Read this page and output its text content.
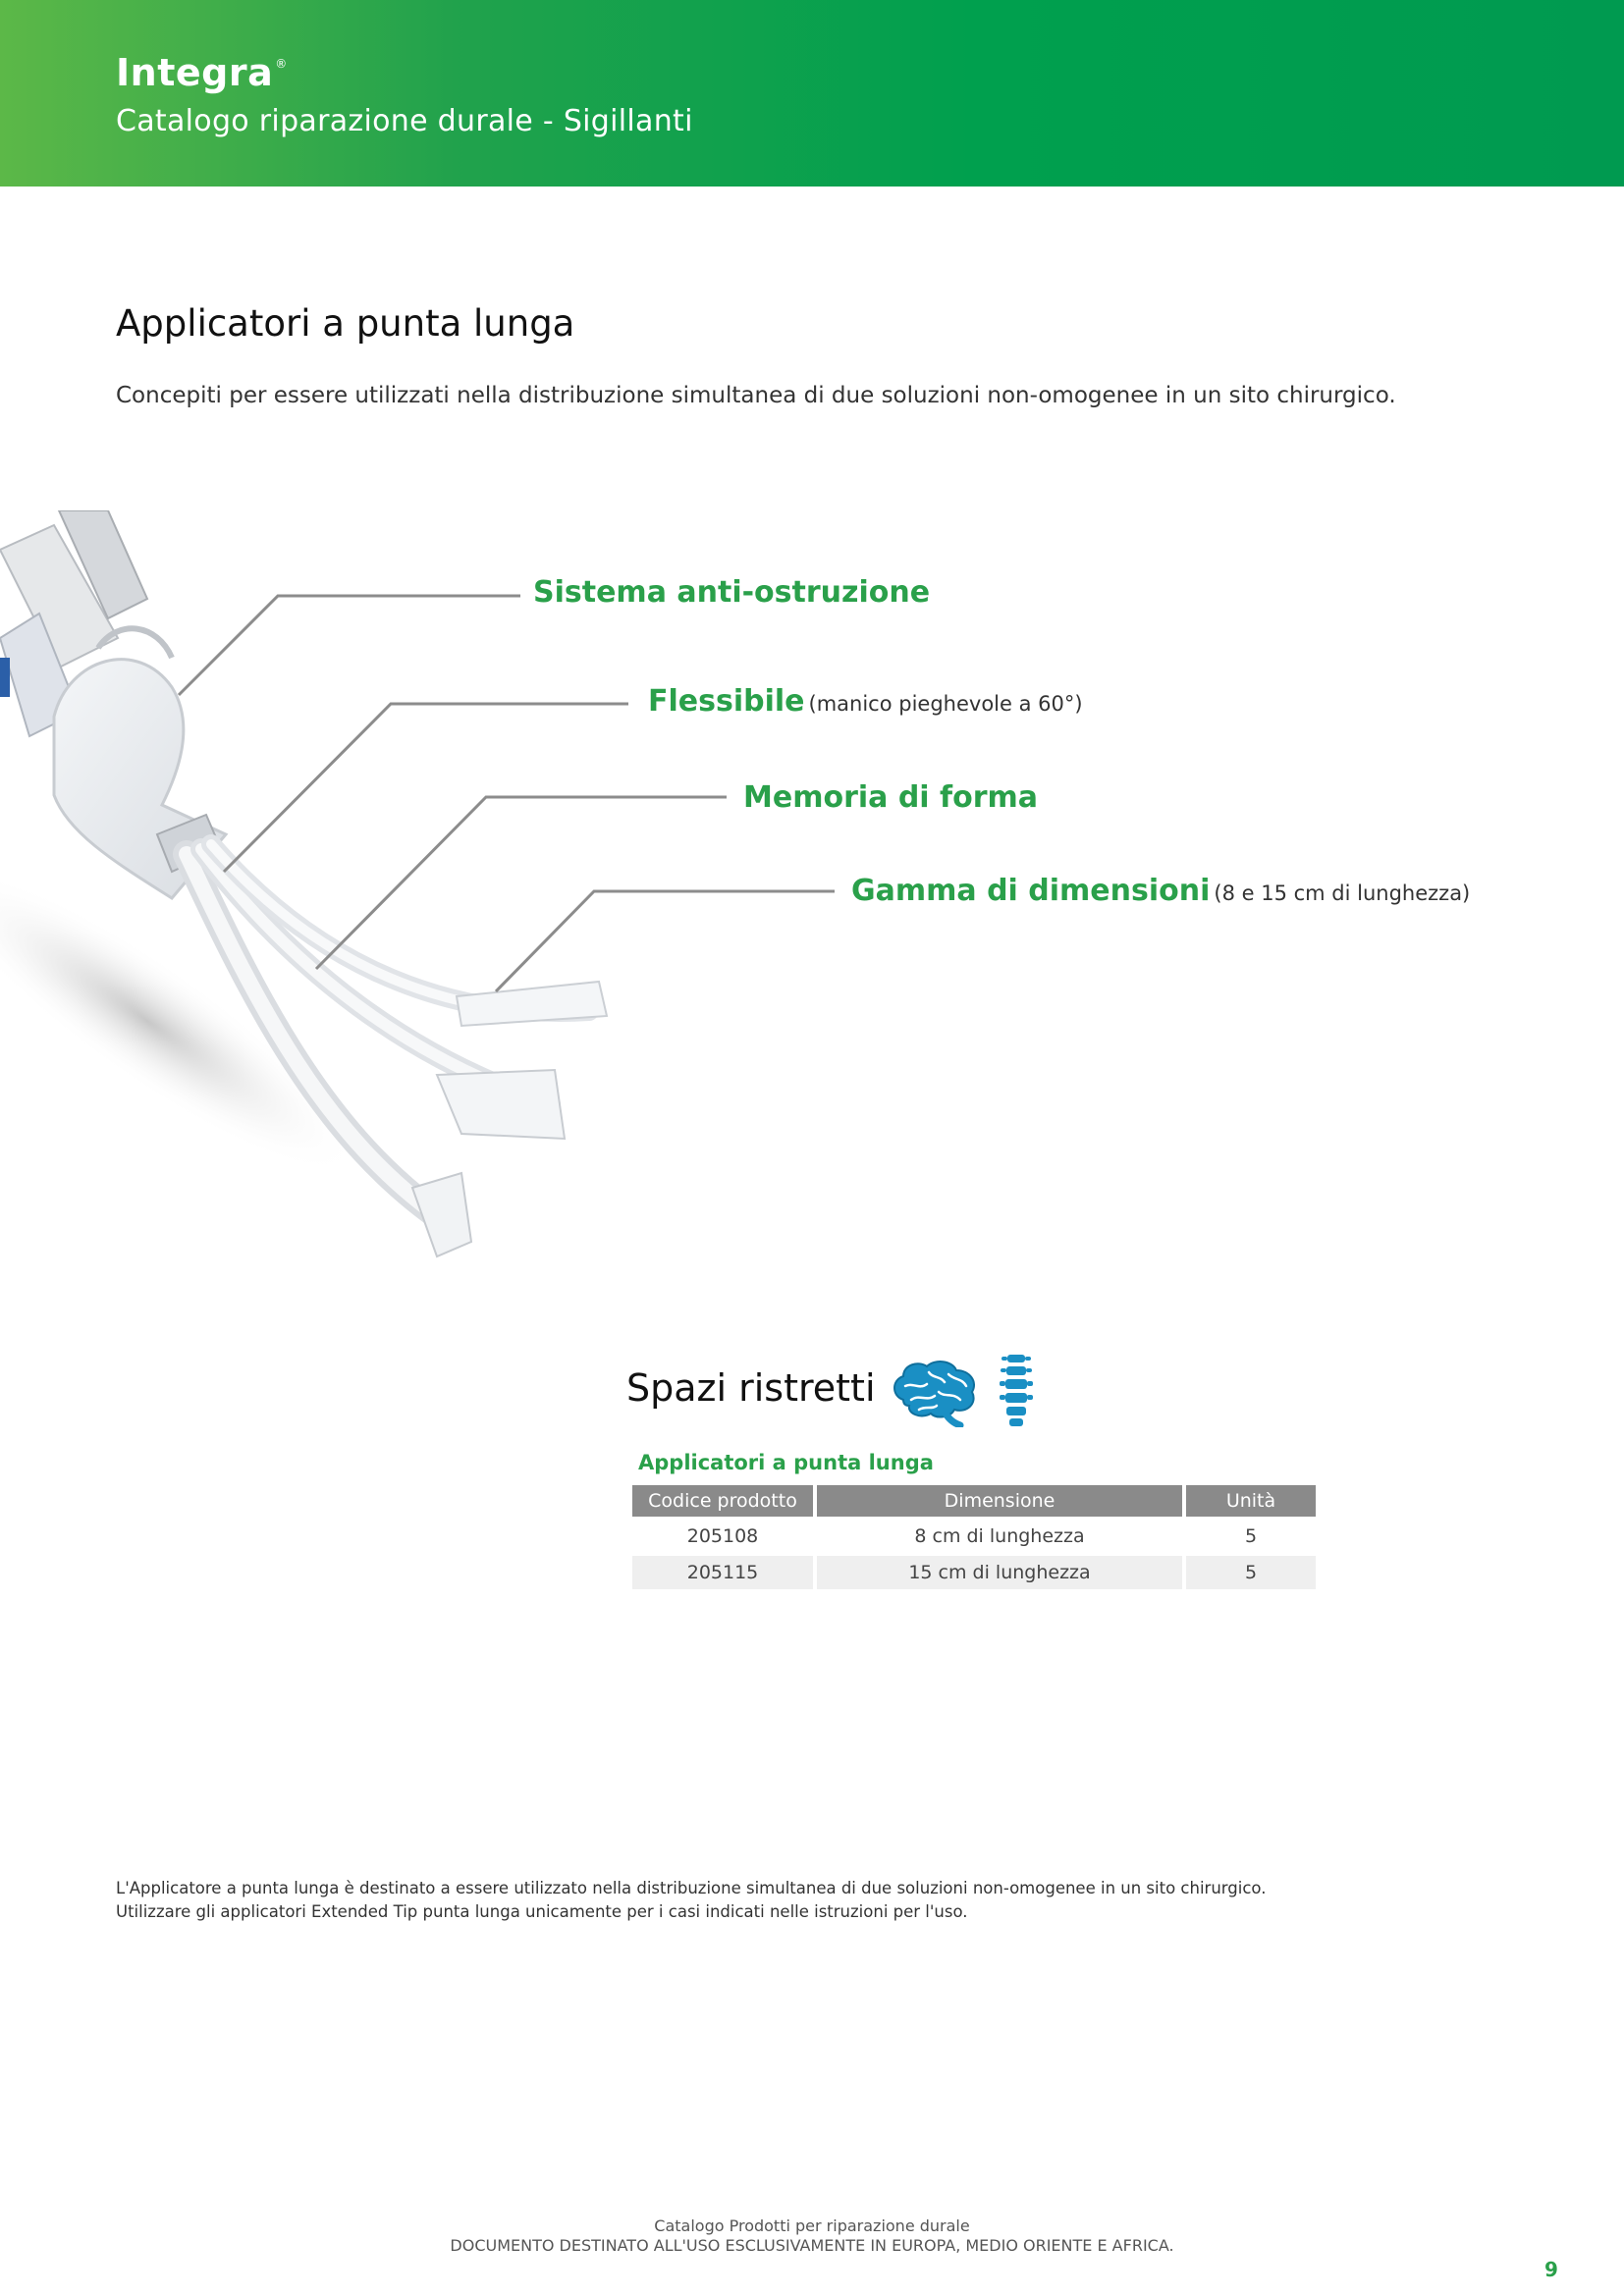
Integra ®
Catalogo riparazione durale - Sigillanti
Applicatori a punta lunga
Concepiti per essere utilizzati nella distribuzione simultanea di due soluzioni non-omogenee in un sito chirurgico.
Sistema anti-ostruzione
Flessibile (manico pieghevole a 60°)
Memoria di forma
Gamma di dimensioni (8 e 15 cm di lunghezza)
Spazi ristretti
Applicatori a punta lunga
Codice prodotto	Dimensione	Unità
205108	8 cm di lunghezza	5
205115	15 cm di lunghezza	5
L'Applicatore a punta lunga è destinato a essere utilizzato nella distribuzione simultanea di due soluzioni non-omogenee in un sito chirurgico.
Utilizzare gli applicatori Extended Tip punta lunga unicamente per i casi indicati nelle istruzioni per l'uso.
Catalogo Prodotti per riparazione durale
DOCUMENTO DESTINATO ALL'USO ESCLUSIVAMENTE IN EUROPA, MEDIO ORIENTE E AFRICA.
9
